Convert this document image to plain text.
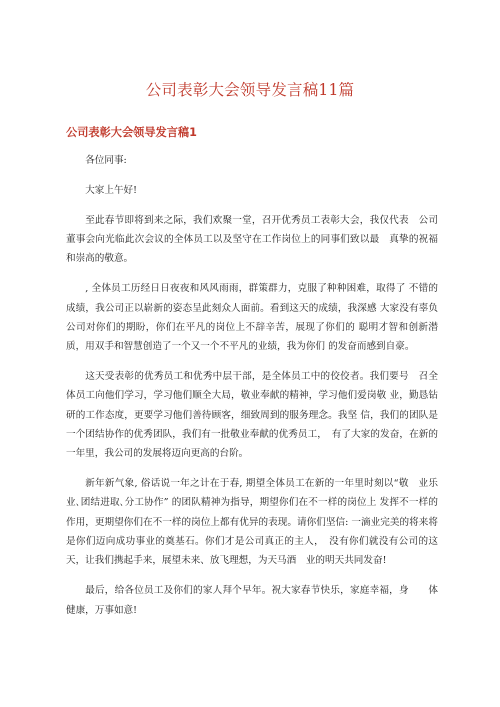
公司表彰大会领导发言稿11篇
公司表彰大会领导发言稿1

各位同事:

大家上午好!

至此春节即将到来之际，我们欢聚一堂，召开优秀员工表彰大会，我仅代表　公司董事会向光临此次会议的全体员工以及坚守在工作岗位上的同事们致以最　真挚的祝福和崇高的敬意。

, 全体员工历经日日夜夜和风风雨雨，群策群力，克服了种种困难，取得了 不错的成绩，我公司正以崭新的姿态呈此刻众人面前。看到这天的成绩，我深感 大家没有辜负公司对你们的期盼，你们在平凡的岗位上不辞辛苦，展现了你们的 聪明才智和创新潜质，用双手和智慧创造了一个又一个不平凡的业绩，我为你们 的发奋而感到自豪。

这天受表彰的优秀员工和优秀中层干部，是全体员工中的佼佼者。我们要号　召全体员工向他们学习，学习他们顺全大局，敬业奉献的精神，学习他们爱岗敬 业，勤恳钻研的工作态度，更要学习他们善待顾客，细致周到的服务理念。我坚 信，我们的团队是一个团结协作的优秀团队，我们有一批敬业奉献的优秀员工，　有了大家的发奋，在新的一年里，我公司的发展将迈向更高的台阶。

新年新气象, 俗话说一年之计在于春, 期望全体员工在新的一年里时刻以“敬　业乐业､团结进取､分工协作” 的团队精神为指导，期望你们在不一样的岗位上 发挥不一样的作用，更期望你们在不一样的岗位上都有优异的表现。请你们坚信: 一滴业完美的将来将是你们迈向成功事业的奠基石。你们才是公司真正的主人，　没有你们就没有公司的这天，让我们携起手来，展望未来、放飞理想，为天马酒　业的明天共同发奋!

最后，给各位员工及你们的家人拜个早年。祝大家春节快乐，家庭幸福，身　　体健康，万事如意!
